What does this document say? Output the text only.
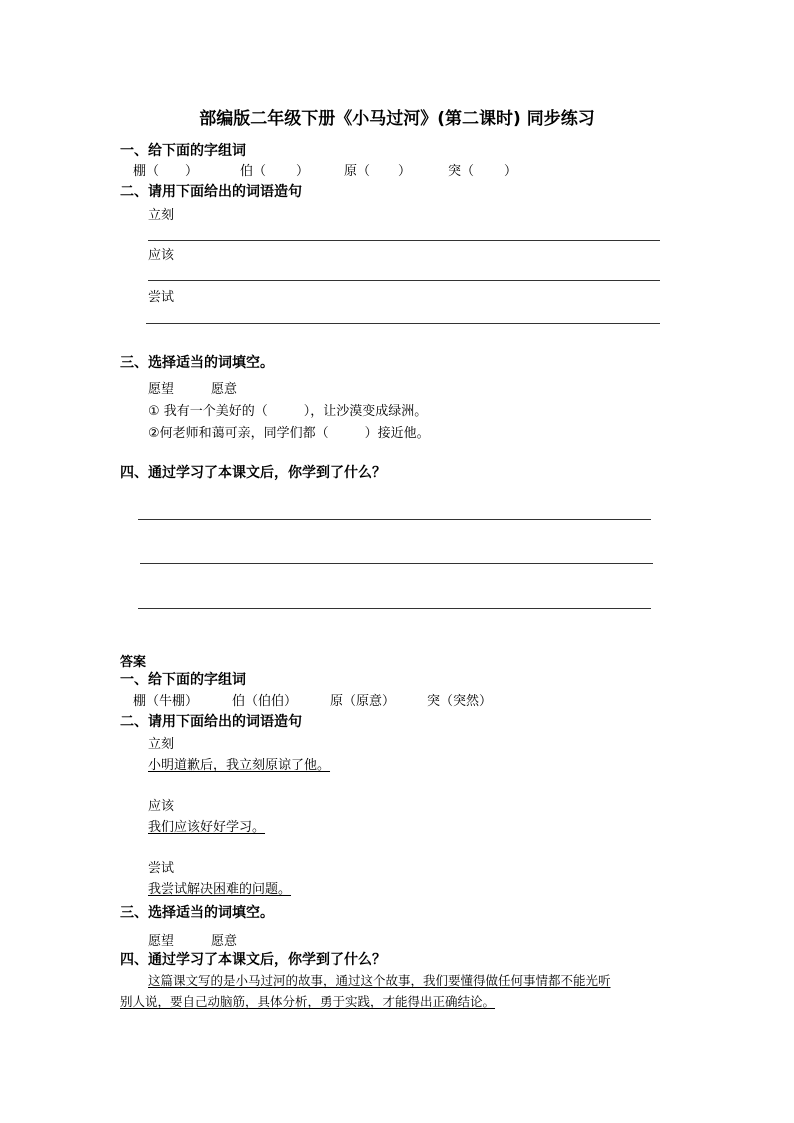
部编版二年级下册《小马过河》(第二课时) 同步练习
一、给下面的字组词
棚（ ）	伯（ ）	原（ ）	突（ ）
二、请用下面给出的词语造句
立刻
应该
尝试
三、选择适当的词填空。
愿望	愿意
① 我有一个美好的（	），让沙漠变成绿洲。
②何老师和蔼可亲，同学们都（	）接近他。
四、通过学习了本课文后，你学到了什么？
答案
一、给下面的字组词
棚（牛棚）	伯（伯伯）	原（原意） 突（突然）
二、请用下面给出的词语造句
立刻
小明道歉后，我立刻原谅了他。
应该
我们应该好好学习。
尝试
我尝试解决困难的问题。
三、选择适当的词填空。
愿望	愿意
四、通过学习了本课文后，你学到了什么？
这篇课文写的是小马过河的故事，通过这个故事，我们要懂得做任何事情都不能光听
别人说，要自己动脑筋，具体分析，勇于实践，才能得出正确结论。
